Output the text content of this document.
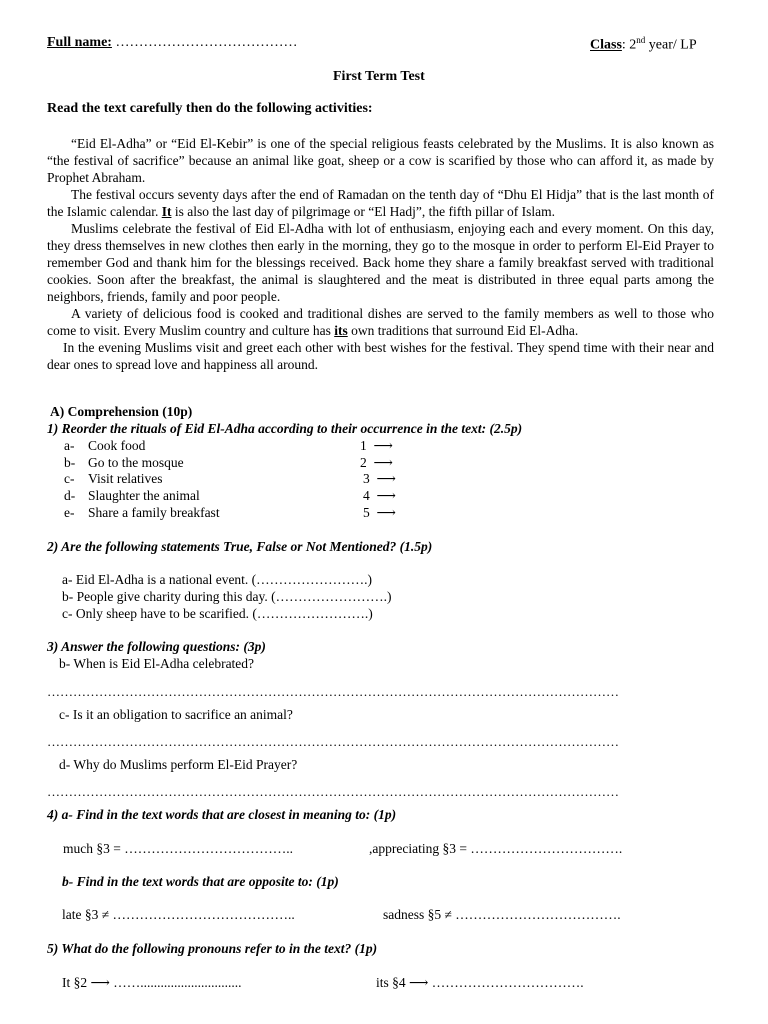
Full name: …………………………………	Class: 2nd year/ LP
First Term Test
Read the text carefully then do the following activities:

“Eid El-Adha” or “Eid El-Kebir” is one of the special religious feasts celebrated by the Muslims. It is also known as “the festival of sacrifice” because an animal like goat, sheep or a cow is scarified by those who can afford it, as made by Prophet Abraham.

The festival occurs seventy days after the end of Ramadan on the tenth day of “Dhu El Hidja” that is the last month of the Islamic calendar. It is also the last day of pilgrimage or “El Hadj”, the fifth pillar of Islam.

Muslims celebrate the festival of Eid El-Adha with lot of enthusiasm, enjoying each and every moment. On this day, they dress themselves in new clothes then early in the morning, they go to the mosque in order to perform El-Eid Prayer to remember God and thank him for the blessings received. Back home they share a family breakfast served with traditional cookies. Soon after the breakfast, the animal is slaughtered and the meat is distributed in three equal parts among the neighbors, friends, family and poor people.

A variety of delicious food is cooked and traditional dishes are served to the family members as well to those who come to visit. Every Muslim country and culture has its own traditions that surround Eid El-Adha.

In the evening Muslims visit and greet each other with best wishes for the festival. They spend time with their near and dear ones to spread love and happiness all around.

A) Comprehension (10p)
1) Reorder the rituals of Eid El-Adha according to their occurrence in the text: (2.5p)
a- Cook food	1 ⟶
b- Go to the mosque	2 ⟶
c- Visit relatives	3 ⟶
d- Slaughter the animal	4 ⟶
e- Share a family breakfast	5 ⟶
2) Are the following statements True, False or Not Mentioned? (1.5p)
a- Eid El-Adha is a national event. (…………………….)
b- People give charity during this day. (…………………….)
c- Only sheep have to be scarified. (…………………….)
3) Answer the following questions: (3p)
b- When is Eid El-Adha celebrated?
……………………………………………………………………………………………………………………
c- Is it an obligation to sacrifice an animal?
……………………………………………………………………………………………………………………
d- Why do Muslims perform El-Eid Prayer?
……………………………………………………………………………………………………………………
4) a- Find in the text words that are closest in meaning to: (1p)
much §3 = ………………………………..	,appreciating §3 = …………………………….
b- Find in the text words that are opposite to: (1p)
late §3 ≠ …………………………………..	sadness §5 ≠ ……………………………….
5) What do the following pronouns refer to in the text? (1p)
It §2 ⟶ ……..............................	its §4 ⟶ …………………………….
